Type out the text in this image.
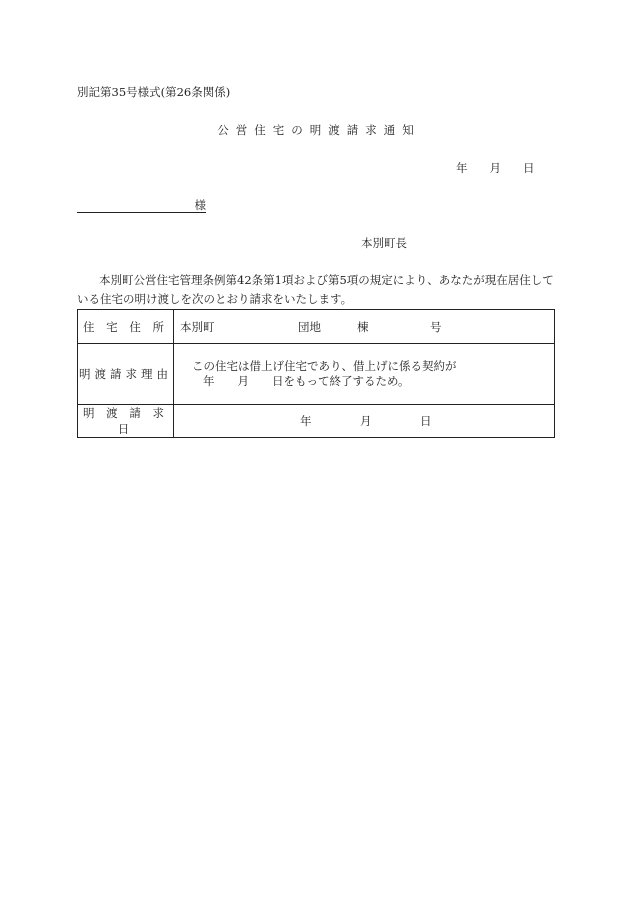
別記第35号様式(第26条関係)
公営住宅の明渡請求通知
年 月 日
様
本別町長
本別町公営住宅管理条例第42条第1項および第5項の規定により、あなたが現在居住している住宅の明け渡しを次のとおり請求をいたします。
住 宅 住 所	本別町 団地 棟 号

明渡請求理由	この住宅は借上げ住宅であり、借上げに係る契約が
年　　月　　日をもって終了するため。

明 渡 請 求 日	年 月 日
